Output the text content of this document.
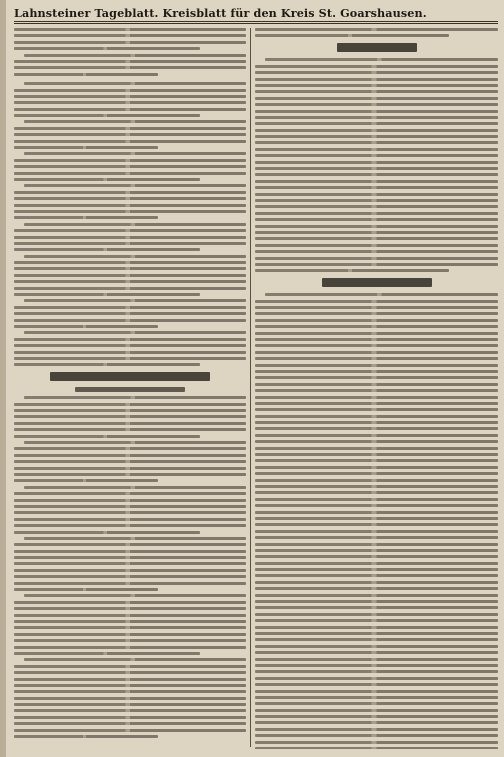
Lahnsteiner Tageblatt. Kreisblatt für den Kreis St. Goarshausen.
